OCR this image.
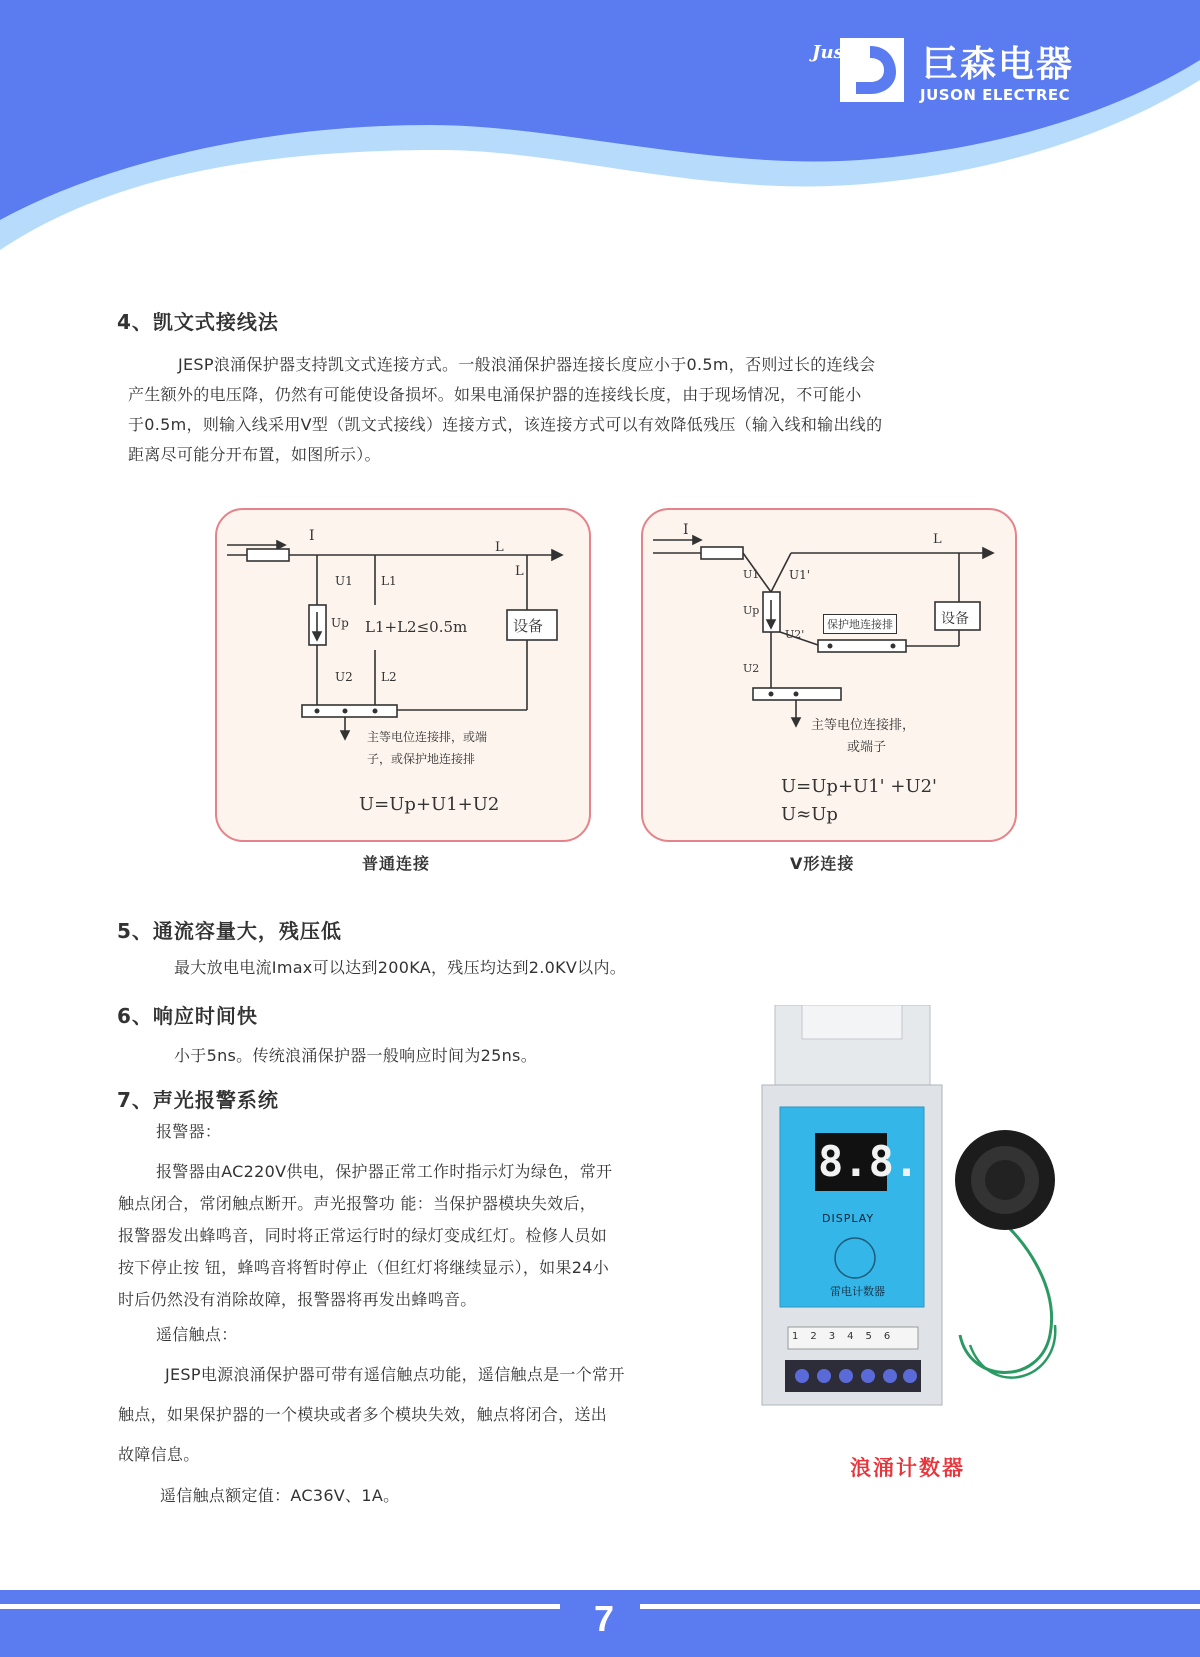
Juson 巨森电器
JUSON ELECTREC
4、凯文式接线法
JESP浪涌保护器支持凯文式连接方式。一般浪涌保护器连接长度应小于0.5m，否则过长的连线会
产生额外的电压降，仍然有可能使设备损坏。如果电涌保护器的连接线长度，由于现场情况，不可能小
于0.5m，则输入线采用V型（凯文式接线）连接方式，该连接方式可以有效降低残压（输入线和输出线的
距离尽可能分开布置，如图所示）。
I
L
L
U1 L1
Up L1+L2≤0.5m	设备
U2 L2
主等电位连接排，或端
子，或保护地连接排
U=Up+U1+U2
普通连接
I
L
U1 U1'
Up
U2'
保护地连接排	设备
U2
主等电位连接排，
或端子
U=Up+U1' +U2'
U≈Up
V形连接
5、通流容量大，残压低
最大放电电流Imax可以达到200KA，残压均达到2.0KV以内。
6、响应时间快
小于5ns。传统浪涌保护器一般响应时间为25ns。
7、声光报警系统
报警器：
报警器由AC220V供电，保护器正常工作时指示灯为绿色，常开
触点闭合，常闭触点断开。声光报警功 能：当保护器模块失效后，
报警器发出蜂鸣音，同时将正常运行时的绿灯变成红灯。检修人员如
按下停止按 钮，蜂鸣音将暂时停止（但红灯将继续显示），如果24小
时后仍然没有消除故障，报警器将再发出蜂鸣音。
遥信触点：
JESP电源浪涌保护器可带有遥信触点功能，遥信触点是一个常开
触点，如果保护器的一个模块或者多个模块失效，触点将闭合，送出
故障信息。
遥信触点额定值：AC36V、1A。
8.8.
DISPLAY
雷电计数器
123456
浪涌计数器
7
